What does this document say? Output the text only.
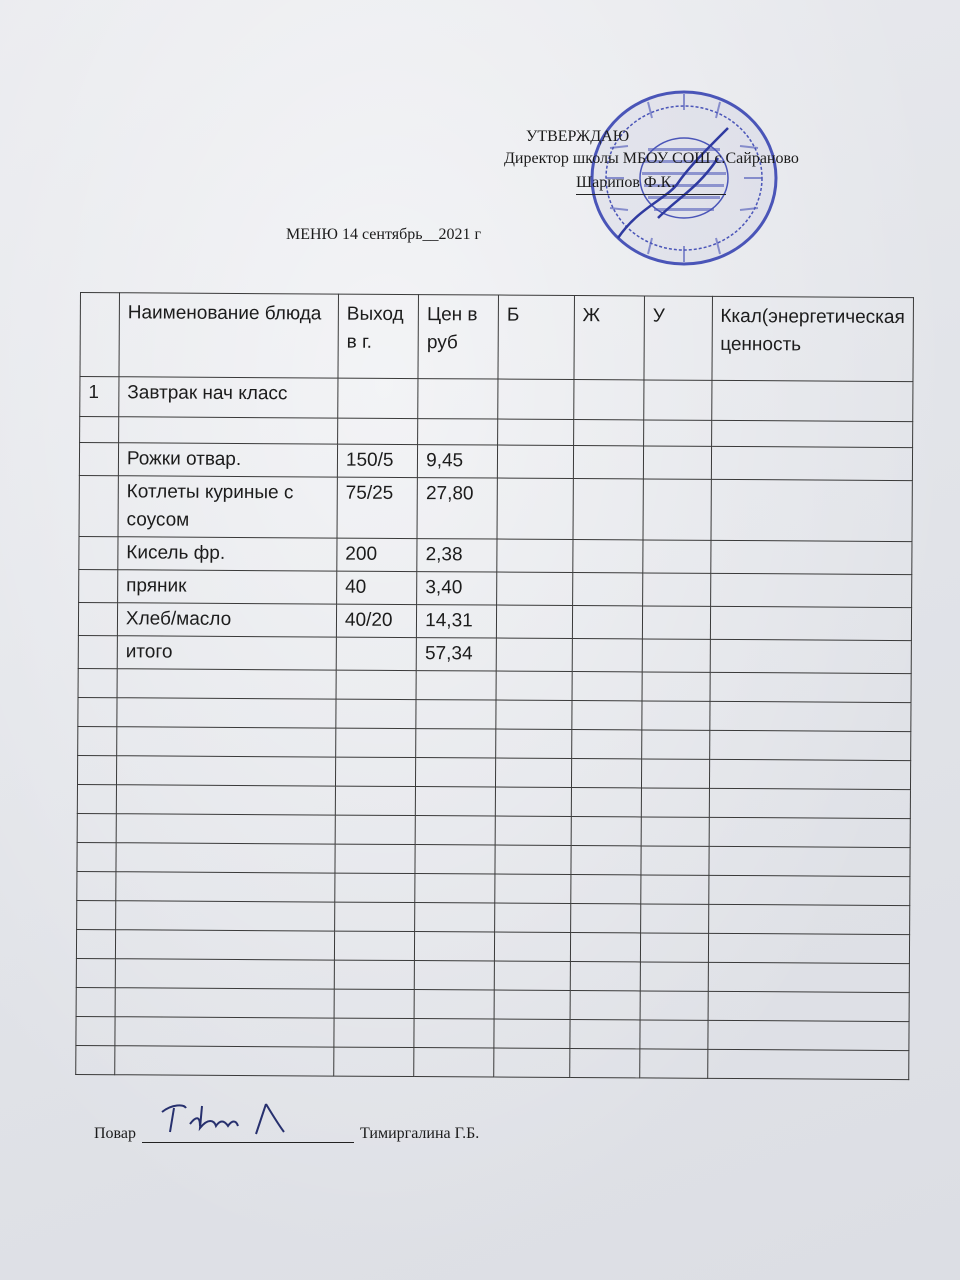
УТВЕРЖДАЮ
Директор школы МБОУ СОШ с.Сайраново
Шарипов Ф.К.
МЕНЮ 14 сентябрь__2021 г
	Наименование блюда	Выход в г.	Цен в руб	Б	Ж	У	Ккал(энергетическая ценность
1	Завтрак нач класс						

	Рожки отвар.	150/5	9,45				
	Котлеты куриные с соусом	75/25	27,80				
	Кисель фр.	200	2,38				
	пряник	40	3,40				
	Хлеб/масло	40/20	14,31				
	итого		57,34				

Повар	Тимиргалина Г.Б.
